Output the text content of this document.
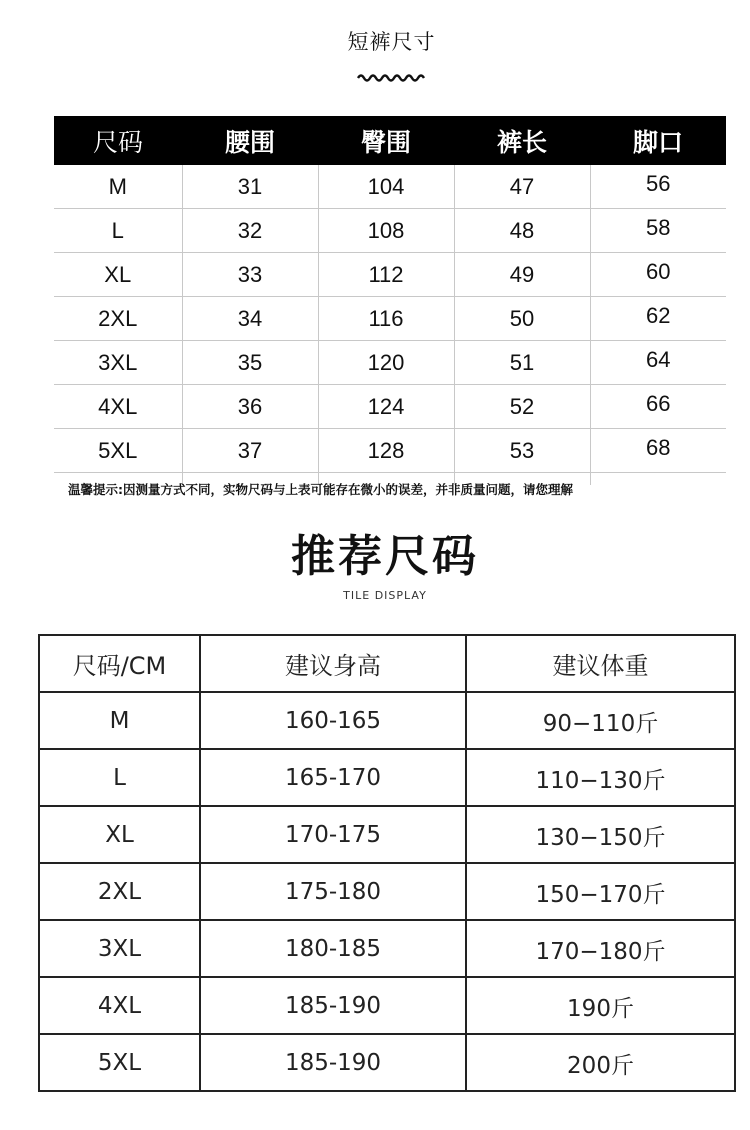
短裤尺寸
尺码	腰围	臀围	裤长	脚口
M	31	104	47	56
L	32	108	48	58
XL	33	112	49	60
2XL	34	116	50	62
3XL	35	120	51	64
4XL	36	124	52	66
5XL	37	128	53	68

温馨提示:因测量方式不同，实物尺码与上表可能存在微小的误差，并非质量问题，请您理解
推荐尺码
TILE DISPLAY
尺码/CM	建议身高	建议体重
M	160-165	90−110斤
L	165-170	110−130斤
XL	170-175	130−150斤
2XL	175-180	150−170斤
3XL	180-185	170−180斤
4XL	185-190	190斤
5XL	185-190	200斤
